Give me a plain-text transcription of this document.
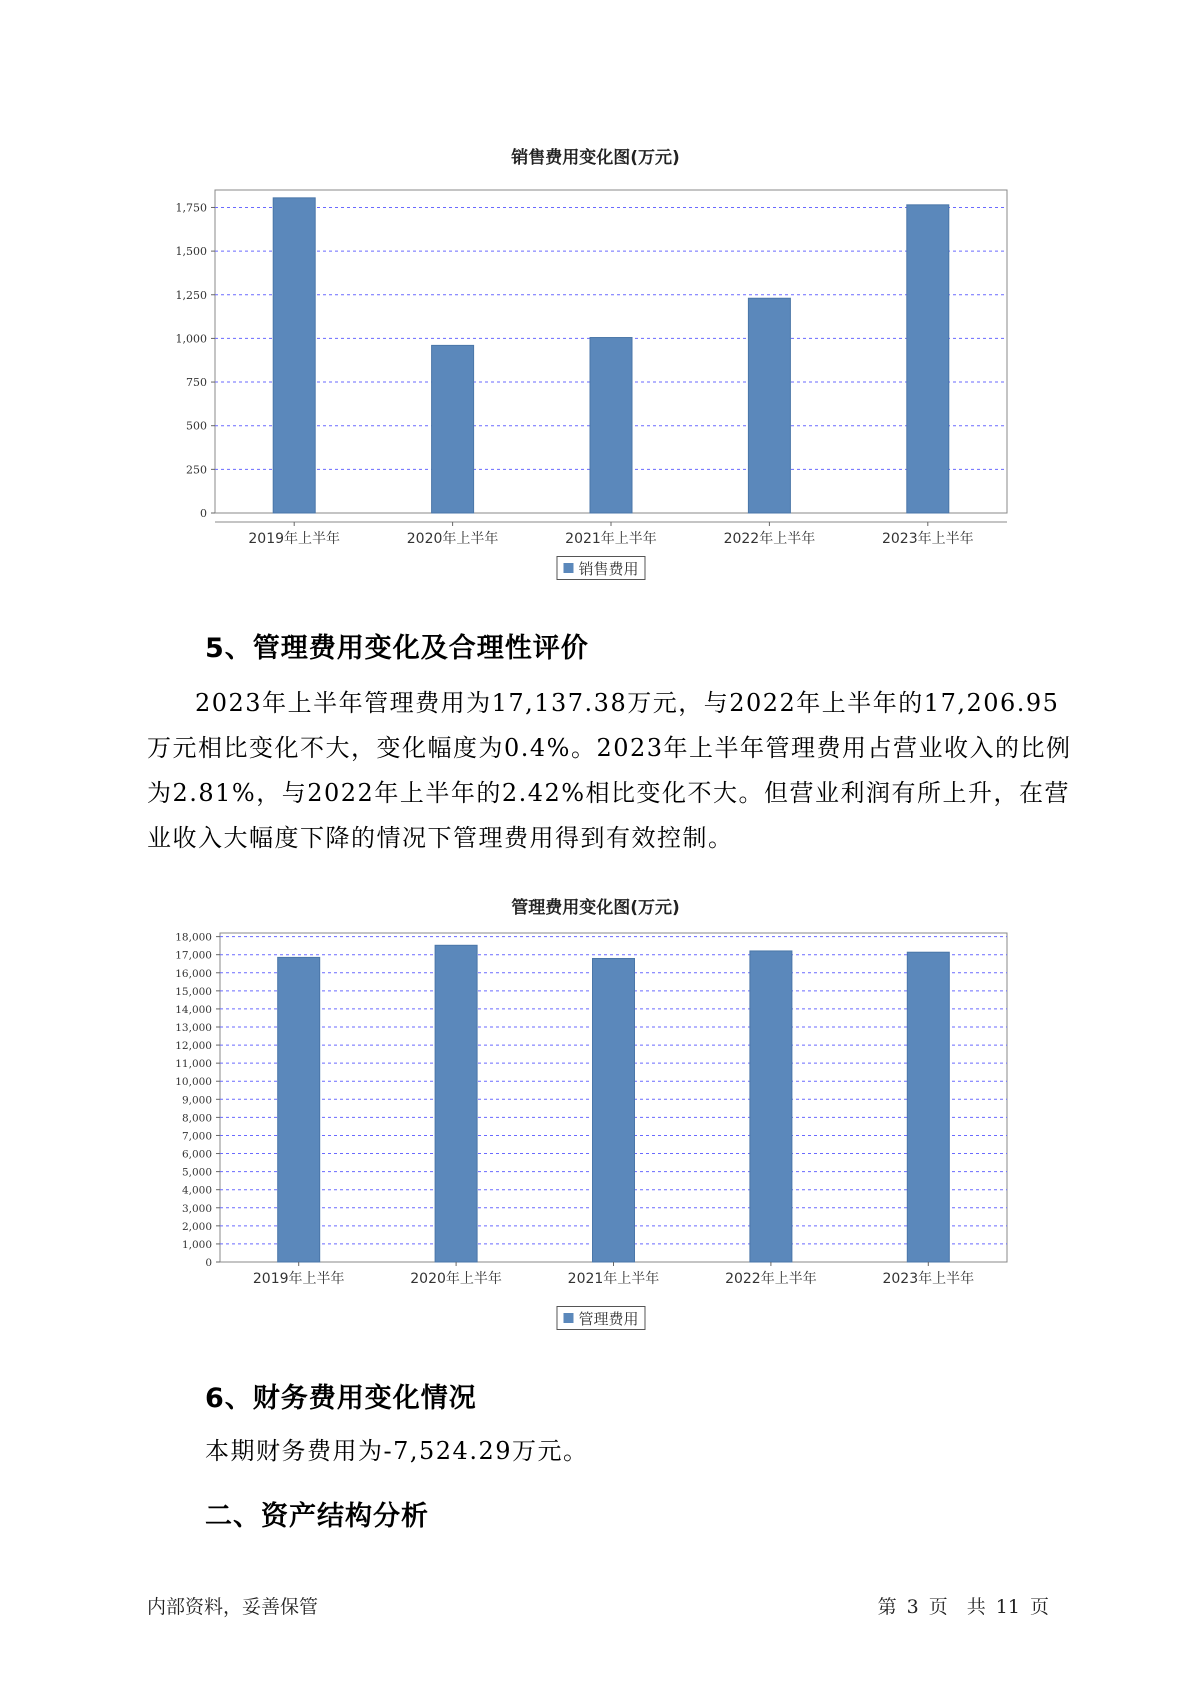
销售费用变化图(万元)
0
250
500
750
1,000
1,250
1,500
1,750
2019年上半年	2020年上半年	2021年上半年	2022年上半年	2023年上半年
销售费用
5、管理费用变化及合理性评价

2023年上半年管理费用为17,137.38万元，与2022年上半年的17,206.95万元相比变化不大，变化幅度为0.4%。2023年上半年管理费用占营业收入的比例为2.81%，与2022年上半年的2.42%相比变化不大。但营业利润有所上升，在营业收入大幅度下降的情况下管理费用得到有效控制。

管理费用变化图(万元)
0
1,000
2,000
3,000
4,000
5,000
6,000
7,000
8,000
9,000
10,000
11,000
12,000
13,000
14,000
15,000
16,000
17,000
18,000
2019年上半年	2020年上半年	2021年上半年	2022年上半年	2023年上半年
管理费用
6、财务费用变化情况

本期财务费用为-7,524.29万元。

二、资产结构分析
内部资料，妥善保管	第 3 页　共 11 页
